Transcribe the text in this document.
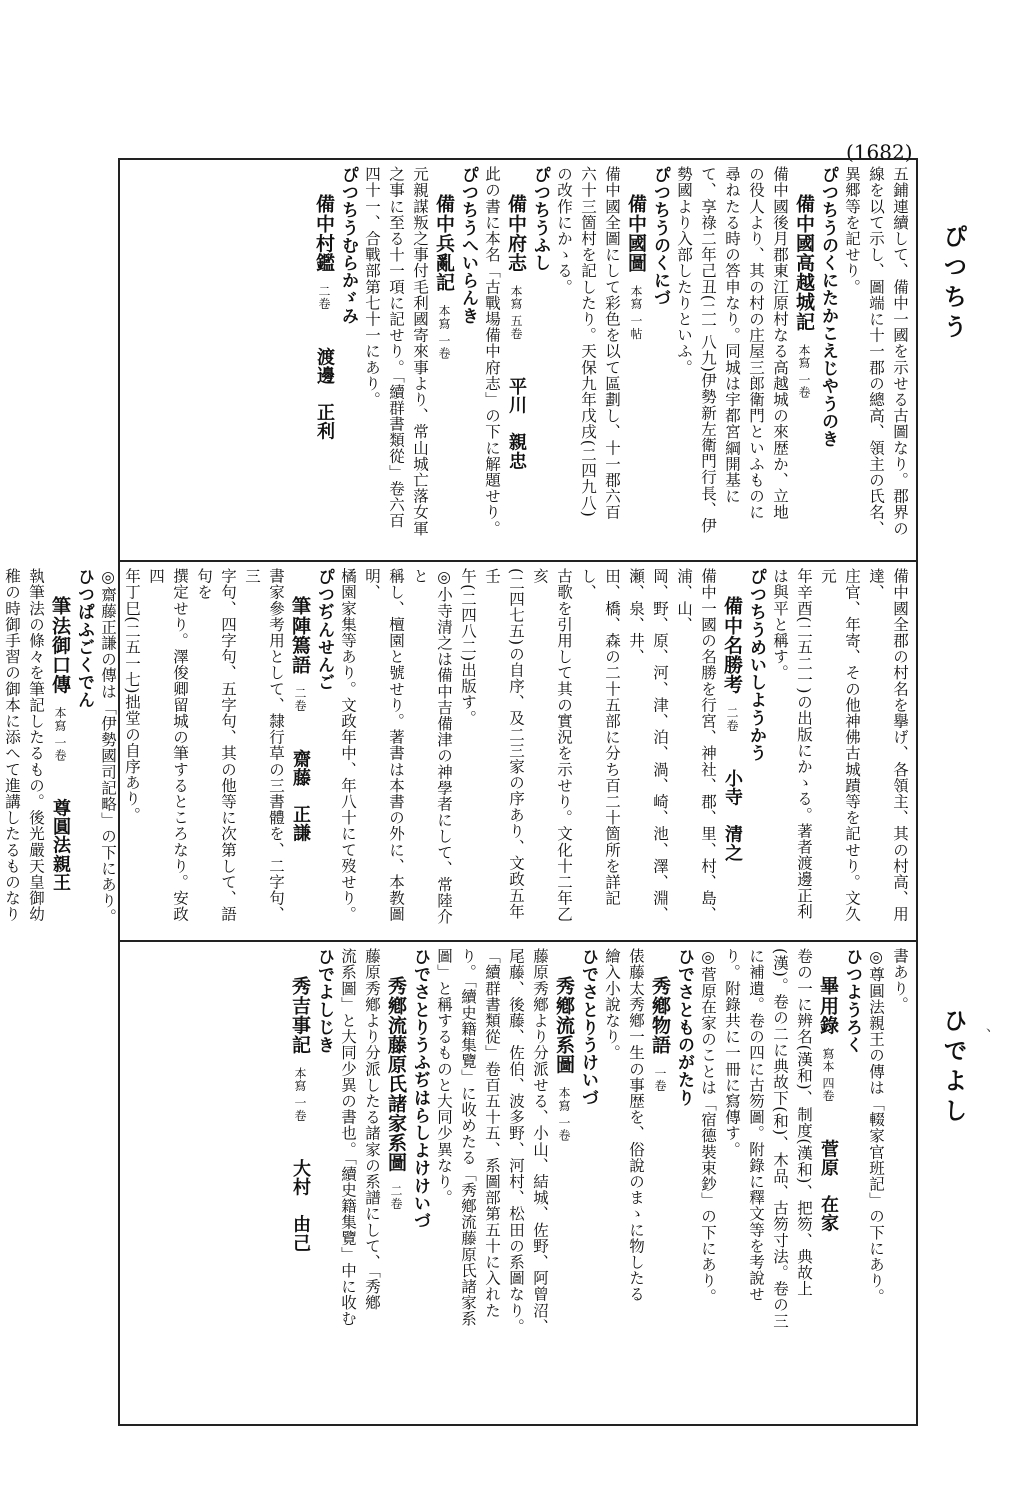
(1682)
ぴつちう
ひでよし 、
五鋪連續して、備中一國を示せる古圖なり。郡界の
線を以て示し、圖端に十一郡の總高、領主の氏名、
異郷等を記せり。
ぴつちうのくにたかこえじやうのき
備中國高越城記　本寫 一卷
備中國後月郡東江原村なる高越城の來歴か、立地
の役人より、其の村の庄屋三郎衛門といふものに
尋ねたる時の答申なり。同城は宇都宮綱開基に
て、享祿二年己丑(二一八九)伊勢新左衛門行長、伊
勢國より入部したりといふ。
ぴつちうのくにづ
備中國圖　本寫 一帖
備中國全圖にして彩色を以て區劃し、十一郡六百
六十三箇村を記したり。天保九年戊戌(二四九八)
の改作にかゝる。
ぴつちうふし
備中府志　本寫 五卷　　平川　親忠
此の書に本名「古戰場備中府志」の下に解題せり。
ぴつちうへいらんき
備中兵亂記　本寫 一卷
元親謀叛之事付毛利國寄來事より、常山城亡落女軍
之事に至る十一項に記せり。「續群書類從」卷六百
四十一、合戰部第七十一にあり。
ぴつちうむらかゞみ
備中村鑑　二卷　　渡邊　正利
備中國全郡の村名を擧げ、各領主、其の村高、用達、
庄官、年寄、その他神佛古城蹟等を記せり。文久元
年辛酉(二五二一)の出版にかゝる。著者渡邊正利
は與平と稱す。
ぴつちうめいしようかう
備中名勝考　二卷　　小寺　清之
備中一國の名勝を行宮、神社、郡、里、村、島、浦、山、
岡、野、原、河、津、泊、渦、崎、池、澤、淵、瀬、泉、井、
田、橋、森の二十五部に分ち百二十箇所を詳記し、
古歌を引用して其の實況を示せり。文化十二年乙亥
(二四七五)の自序、及二三家の序あり、文政五年壬
午(二四八二)出版す。
◎小寺清之は備中吉備津の神學者にして、常陸介と
稱し、檀園と號せり。著書は本書の外に、本教圖明、
橘園家集等あり。文政年中、年八十にて歿せり。
ぴつぢんせんご
筆陣篶語　二卷　　齋藤　正謙
書家參考用として、隸行草の三書體を、二字句、三
字句、四字句、五字句、其の他等に次第して、語句を
撰定せり。澤俊卿留城の筆するところなり。安政四
年丁巳(二五一七)拙堂の自序あり。
◎齋藤正謙の傳は「伊勢國司記略」の下にあり。
ひつぱふごくでん
筆法御口傳　本寫 一卷　　尊圓法親王
執筆法の條々を筆記したるもの。後光嚴天皇御幼
稚の時御手習の御本に添へて進講したるものなり
書あり。
◎尊圓法親王の傳は「輟家官班記」の下にあり。
ひつようろく
畢用錄　寫本 四卷　　菅原　在家
卷の一に辨名(漢和)、制度(漢和)、把笏、典故上
(漢)。卷の二に典故下(和)、木品、古笏寸法。卷の三
に補遺。卷の四に古笏圖。附錄に釋文等を考說せ
り。附錄共に一冊に寫傳す。
◎菅原在家のことは「宿德裝束鈔」の下にあり。
ひでさとものがたり
秀鄕物語　一卷
俵藤太秀鄕一生の事歴を、俗說のまゝに物したる
繪入小說なり。
ひでさとりうけいづ
秀鄕流系圖　本寫 一卷
藤原秀鄕より分派せる、小山、結城、佐野、阿曾沼、
尾藤、後藤、佐伯、波多野、河村、松田の系圖なり。
「續群書類從」卷百五十五、系圖部第五十に入れた
り。「續史籍集覽」に收めたる「秀鄕流藤原氏諸家系
圖」と稱するものと大同少異なり。
ひでさとりうふぢはらしよけけいづ
秀鄕流藤原氏諸家系圖　二卷
藤原秀鄕より分派したる諸家の系譜にして、「秀鄕
流系圖」と大同少異の書也。「續史籍集覽」中に收む
ひでよしじき
秀吉事記　本寫 一卷　　大村　由己
